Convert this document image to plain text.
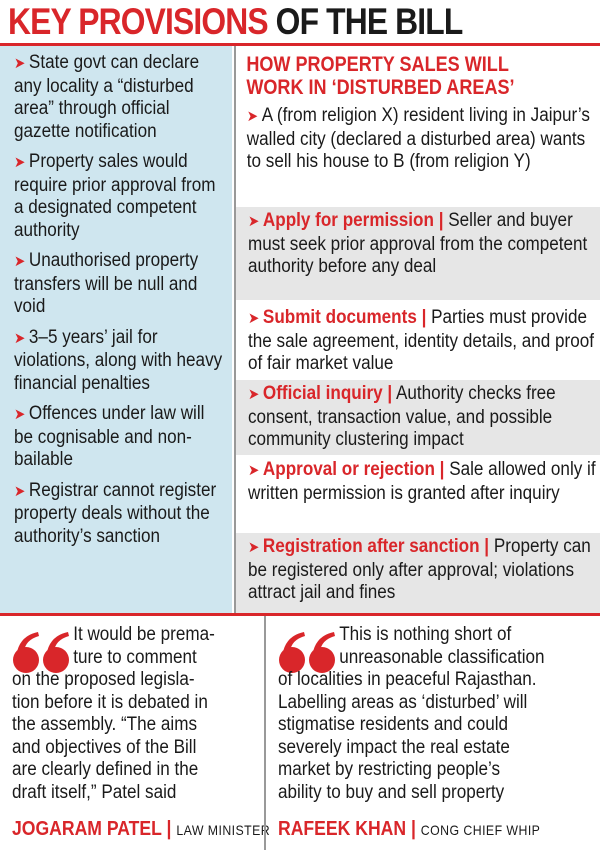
KEY PROVISIONS OF THE BILL
➤ State govt can declare any locality a “disturbed area” through official gazette notification
➤ Property sales would require prior approval from a designated competent authority
➤ Unauthorised property transfers will be null and void
➤ 3–5 years’ jail for violations, along with heavy financial penalties
➤ Offences under law will be cognisable and non-bailable
➤ Registrar cannot register property deals without the authority’s sanction
HOW PROPERTY SALES WILL
WORK IN ‘DISTURBED AREAS’
➤ A (from religion X) resident living in Jaipur’s walled city (declared a disturbed area) wants to sell his house to B (from religion Y)
➤ Apply for permission | Seller and buyer must seek prior approval from the competent authority before any deal
➤ Submit documents | Parties must provide the sale agreement, identity details, and proof of fair market value
➤ Official inquiry | Authority checks free consent, transaction value, and possible community clustering impact
➤ Approval or rejection | Sale allowed only if written permission is granted after inquiry
➤ Registration after sanction | Property can be registered only after approval; violations attract jail and fines
It would be prema-
ture to comment
on the proposed legisla-
tion before it is debated in
the assembly. “The aims
and objectives of the Bill
are clearly defined in the
draft itself,” Patel said
JOGARAM PATEL | LAW MINISTER
This is nothing short of
unreasonable classification
of localities in peaceful Rajasthan.
Labelling areas as ‘disturbed’ will
stigmatise residents and could
severely impact the real estate
market by restricting people’s
ability to buy and sell property
RAFEEK KHAN | CONG CHIEF WHIP
